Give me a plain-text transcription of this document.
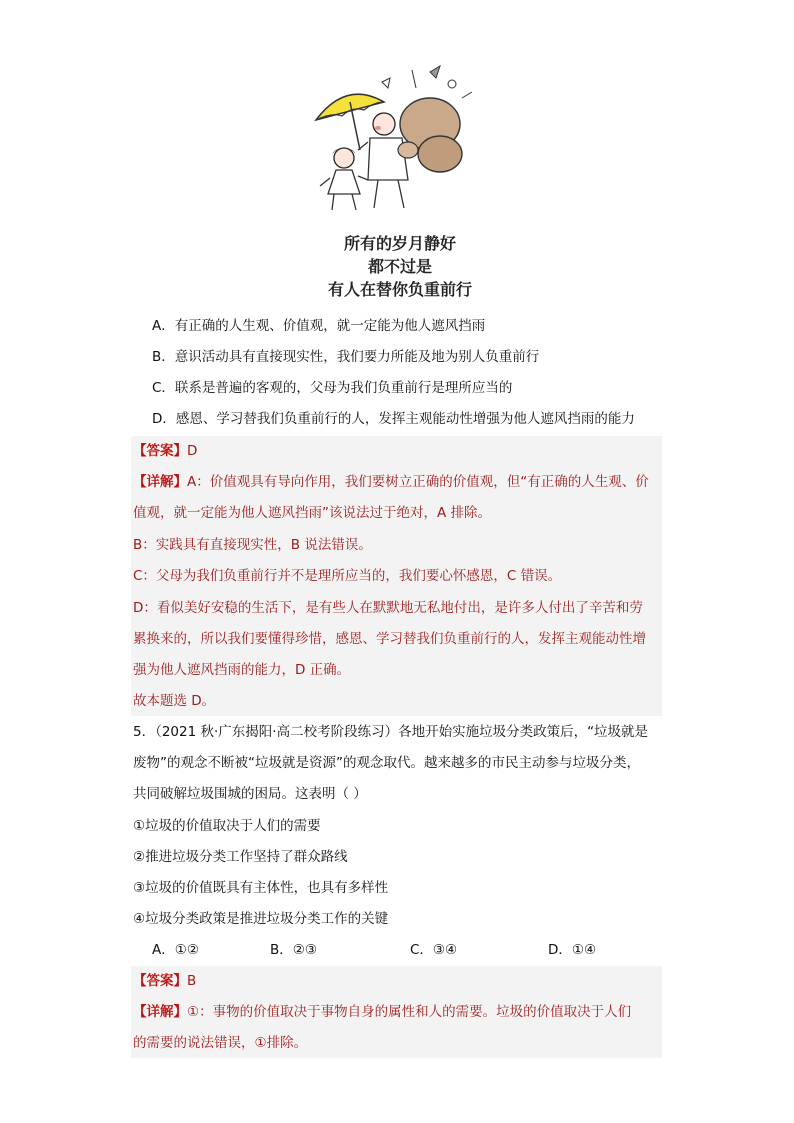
所有的岁月静好
都不过是
有人在替你负重前行
A．有正确的人生观、价值观，就一定能为他人遮风挡雨
B．意识活动具有直接现实性，我们要力所能及地为别人负重前行
C．联系是普遍的客观的，父母为我们负重前行是理所应当的
D．感恩、学习替我们负重前行的人，发挥主观能动性增强为他人遮风挡雨的能力
【答案】D
【详解】A：价值观具有导向作用，我们要树立正确的价值观，但“有正确的人生观、价
值观，就一定能为他人遮风挡雨”该说法过于绝对，A 排除。
B：实践具有直接现实性，B 说法错误。
C：父母为我们负重前行并不是理所应当的，我们要心怀感恩，C 错误。
D：看似美好安稳的生活下，是有些人在默默地无私地付出，是许多人付出了辛苦和劳
累换来的，所以我们要懂得珍惜，感恩、学习替我们负重前行的人，发挥主观能动性增
强为他人遮风挡雨的能力，D 正确。
故本题选 D。
5．（2021 秋·广东揭阳·高二校考阶段练习）各地开始实施垃圾分类政策后，“垃圾就是
废物”的观念不断被“垃圾就是资源”的观念取代。越来越多的市民主动参与垃圾分类，
共同破解垃圾围城的困局。这表明（ ）
①垃圾的价值取决于人们的需要
②推进垃圾分类工作坚持了群众路线
③垃圾的价值既具有主体性，也具有多样性
④垃圾分类政策是推进垃圾分类工作的关键
A．①②	B．②③	C．③④	D．①④
【答案】B
【详解】①：事物的价值取决于事物自身的属性和人的需要。垃圾的价值取决于人们
的需要的说法错误，①排除。
